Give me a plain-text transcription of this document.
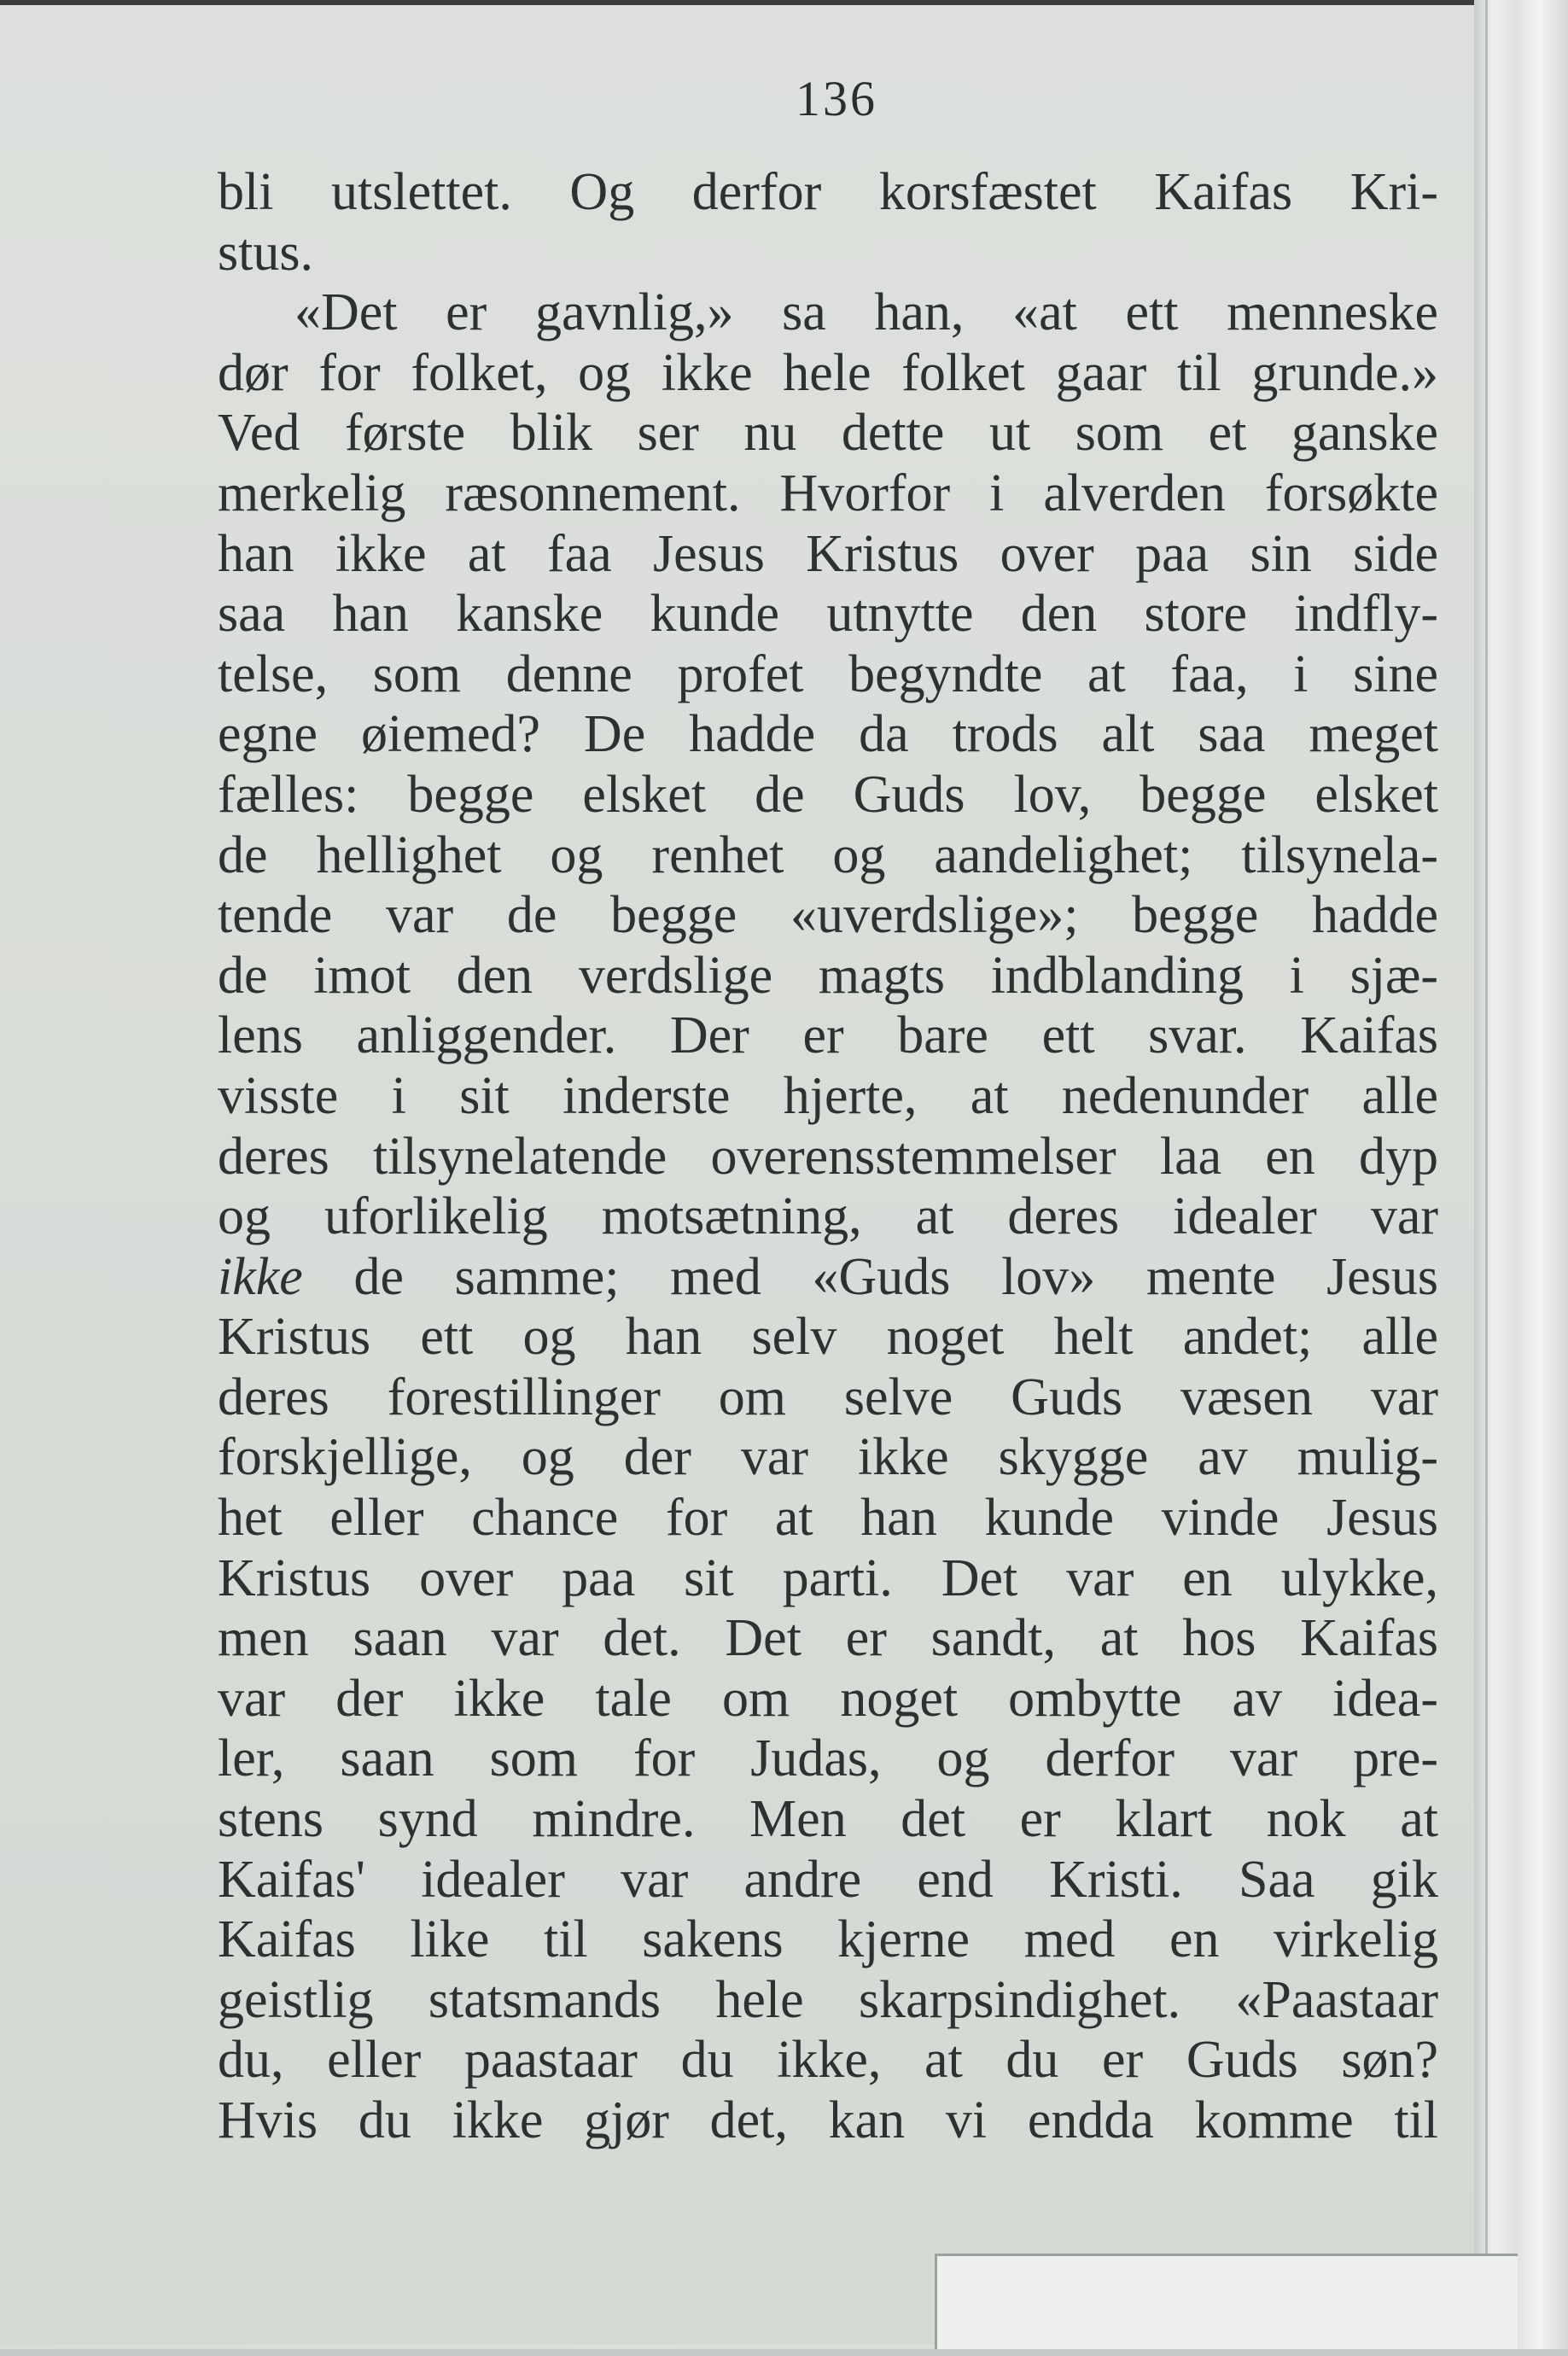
136
bli utslettet. Og derfor korsfæstet Kaifas Kri-
stus.
«Det er gavnlig,» sa han, «at ett menneske
dør for folket, og ikke hele folket gaar til grunde.»
Ved første blik ser nu dette ut som et ganske
merkelig ræsonnement. Hvorfor i alverden forsøkte
han ikke at faa Jesus Kristus over paa sin side
saa han kanske kunde utnytte den store indfly-
telse, som denne profet begyndte at faa, i sine
egne øiemed? De hadde da trods alt saa meget
fælles: begge elsket de Guds lov, begge elsket
de hellighet og renhet og aandelighet; tilsynela-
tende var de begge «uverdslige»; begge hadde
de imot den verdslige magts indblanding i sjæ-
lens anliggender. Der er bare ett svar. Kaifas
visste i sit inderste hjerte, at nedenunder alle
deres tilsynelatende overensstemmelser laa en dyp
og uforlikelig motsætning, at deres idealer var
ikke de samme; med «Guds lov» mente Jesus
Kristus ett og han selv noget helt andet; alle
deres forestillinger om selve Guds væsen var
forskjellige, og der var ikke skygge av mulig-
het eller chance for at han kunde vinde Jesus
Kristus over paa sit parti. Det var en ulykke,
men saan var det. Det er sandt, at hos Kaifas
var der ikke tale om noget ombytte av idea-
ler, saan som for Judas, og derfor var pre-
stens synd mindre. Men det er klart nok at
Kaifas' idealer var andre end Kristi. Saa gik
Kaifas like til sakens kjerne med en virkelig
geistlig statsmands hele skarpsindighet. «Paastaar
du, eller paastaar du ikke, at du er Guds søn?
Hvis du ikke gjør det, kan vi endda komme til
